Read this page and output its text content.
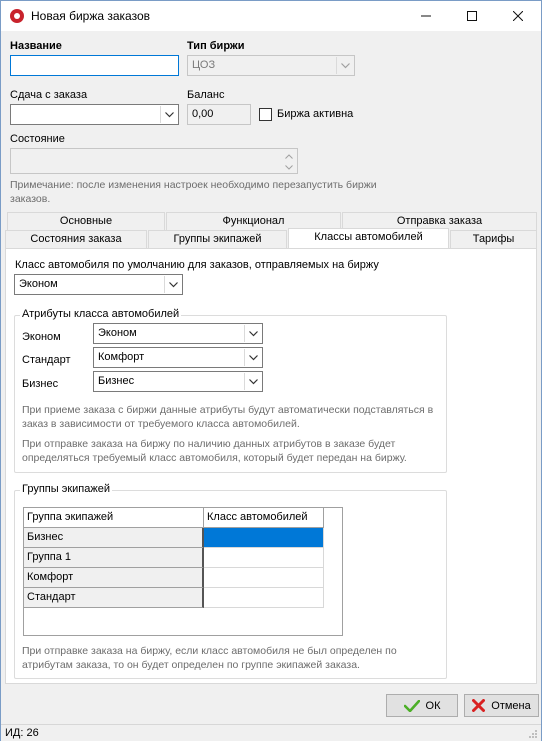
Новая биржа заказов
Название	Тип биржи
ЦОЗ
Сдача с заказа	Баланс
0,00	Биржа активна
Состояние
Примечание: после изменения настроек необходимо перезапустить биржи заказов.
Основные	Функционал	Отправка заказа
Состояния заказа	Группы экипажей	Классы автомобилей	Тарифы
Класс автомобиля по умолчанию для заказов, отправляемых на биржу
Эконом
Атрибуты класса автомобилей
Эконом	Эконом
Стандарт	Комфорт
Бизнес	Бизнес
При приеме заказа с биржи данные атрибуты будут автоматически подставляться в заказ в зависимости от требуемого класса автомобилей.
При отправке заказа на биржу по наличию данных атрибутов в заказе будет определяться требуемый класс автомобиля, который будет передан на биржу.
Группы экипажей
Группа экипажей	Класс автомобилей
Бизнес
Группа 1
Комфорт
Стандарт
При отправке заказа на биржу, если класс автомобиля не был определен по атрибутам заказа, то он будет определен по группе экипажей заказа.
ОК	Отмена
ИД: 26
